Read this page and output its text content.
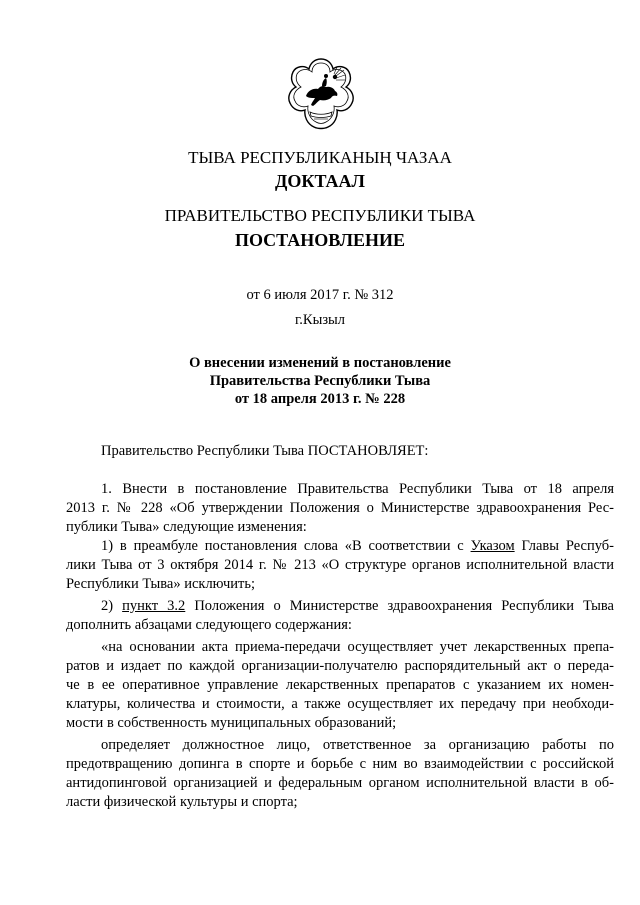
ТЫВА РЕСПУБЛИКАНЫҢ ЧАЗАА
ДОКТААЛ
ПРАВИТЕЛЬСТВО РЕСПУБЛИКИ ТЫВА
ПОСТАНОВЛЕНИЕ
от 6 июля 2017 г. № 312
г.Кызыл
О внесении изменений в постановление
Правительства Республики Тыва
от 18 апреля 2013 г. № 228
Правительство Республики Тыва ПОСТАНОВЛЯЕТ:
1. Внести в постановление Правительства Республики Тыва от 18 апреля
2013 г. № 228 «Об утверждении Положения о Министерстве здравоохранения Рес-
публики Тыва» следующие изменения:
1) в преамбуле постановления слова «В соответствии с Указом Главы Респуб-
лики Тыва от 3 октября 2014 г. № 213 «О структуре органов исполнительной власти
Республики Тыва» исключить;
2) пункт 3.2 Положения о Министерстве здравоохранения Республики Тыва
дополнить абзацами следующего содержания:
«на основании акта приема-передачи осуществляет учет лекарственных препа-
ратов и издает по каждой организации-получателю распорядительный акт о переда-
че в ее оперативное управление лекарственных препаратов с указанием их номен-
клатуры, количества и стоимости, а также осуществляет их передачу при необходи-
мости в собственность муниципальных образований;
определяет должностное лицо, ответственное за организацию работы по
предотвращению допинга в спорте и борьбе с ним во взаимодействии с российской
антидопинговой организацией и федеральным органом исполнительной власти в об-
ласти физической культуры и спорта;
